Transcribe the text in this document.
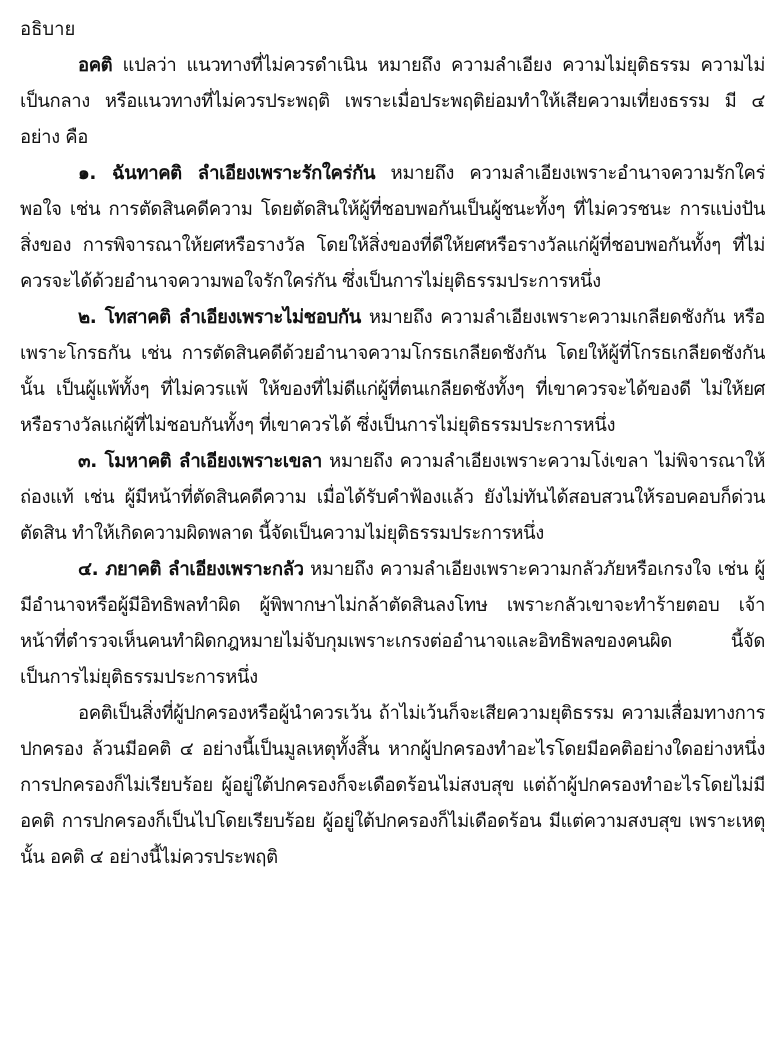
อธิบาย

อคติ แปลว่า แนวทางที่ไม่ควรดำเนิน หมายถึง ความลำเอียง ความไม่ยุติธรรม ความไม่เป็นกลาง หรือแนวทางที่ไม่ควรประพฤติ เพราะเมื่อประพฤติย่อมทำให้เสียความเที่ยงธรรม มี ๔ อย่าง คือ

๑. ฉันทาคติ ลำเอียงเพราะรักใคร่กัน หมายถึง ความลำเอียงเพราะอำนาจความรักใคร่พอใจ เช่น การตัดสินคดีความ โดยตัดสินให้ผู้ที่ชอบพอกันเป็นผู้ชนะทั้งๆ ที่ไม่ควรชนะ การแบ่งปันสิ่งของ การพิจารณาให้ยศหรือรางวัล โดยให้สิ่งของที่ดีให้ยศหรือรางวัลแก่ผู้ที่ชอบพอกันทั้งๆ ที่ไม่ควรจะได้ด้วยอำนาจความพอใจรักใคร่กัน ซึ่งเป็นการไม่ยุติธรรมประการหนึ่ง

๒. โทสาคติ ลำเอียงเพราะไม่ชอบกัน หมายถึง ความลำเอียงเพราะความเกลียดชังกัน หรือเพราะโกรธกัน เช่น การตัดสินคดีด้วยอำนาจความโกรธเกลียดชังกัน โดยให้ผู้ที่โกรธเกลียดชังกันนั้น เป็นผู้แพ้ทั้งๆ ที่ไม่ควรแพ้ ให้ของที่ไม่ดีแก่ผู้ที่ตนเกลียดชังทั้งๆ ที่เขาควรจะได้ของดี ไม่ให้ยศหรือรางวัลแก่ผู้ที่ไม่ชอบกันทั้งๆ ที่เขาควรได้ ซึ่งเป็นการไม่ยุติธรรมประการหนึ่ง

๓. โมหาคติ ลำเอียงเพราะเขลา หมายถึง ความลำเอียงเพราะความโง่เขลา ไม่พิจารณาให้ถ่องแท้ เช่น ผู้มีหน้าที่ตัดสินคดีความ เมื่อได้รับคำฟ้องแล้ว ยังไม่ทันได้สอบสวนให้รอบคอบก็ด่วนตัดสิน ทำให้เกิดความผิดพลาด นี้จัดเป็นความไม่ยุติธรรมประการหนึ่ง

๔. ภยาคติ ลำเอียงเพราะกลัว หมายถึง ความลำเอียงเพราะความกลัวภัยหรือเกรงใจ เช่น ผู้มีอำนาจหรือผู้มีอิทธิพลทำผิด ผู้พิพากษาไม่กล้าตัดสินลงโทษ เพราะกลัวเขาจะทำร้ายตอบ เจ้าหน้าที่ตำรวจเห็นคนทำผิดกฎหมายไม่จับกุมเพราะเกรงต่ออำนาจและอิทธิพลของคนผิด นี้จัดเป็นการไม่ยุติธรรมประการหนึ่ง

อคติเป็นสิ่งที่ผู้ปกครองหรือผู้นำควรเว้น ถ้าไม่เว้นก็จะเสียความยุติธรรม ความเสื่อมทางการปกครอง ล้วนมีอคติ ๔ อย่างนี้เป็นมูลเหตุทั้งสิ้น หากผู้ปกครองทำอะไรโดยมีอคติอย่างใดอย่างหนึ่ง การปกครองก็ไม่เรียบร้อย ผู้อยู่ใต้ปกครองก็จะเดือดร้อนไม่สงบสุข แต่ถ้าผู้ปกครองทำอะไรโดยไม่มีอคติ การปกครองก็เป็นไปโดยเรียบร้อย ผู้อยู่ใต้ปกครองก็ไม่เดือดร้อน มีแต่ความสงบสุข เพราะเหตุนั้น อคติ ๔ อย่างนี้ไม่ควรประพฤติ
